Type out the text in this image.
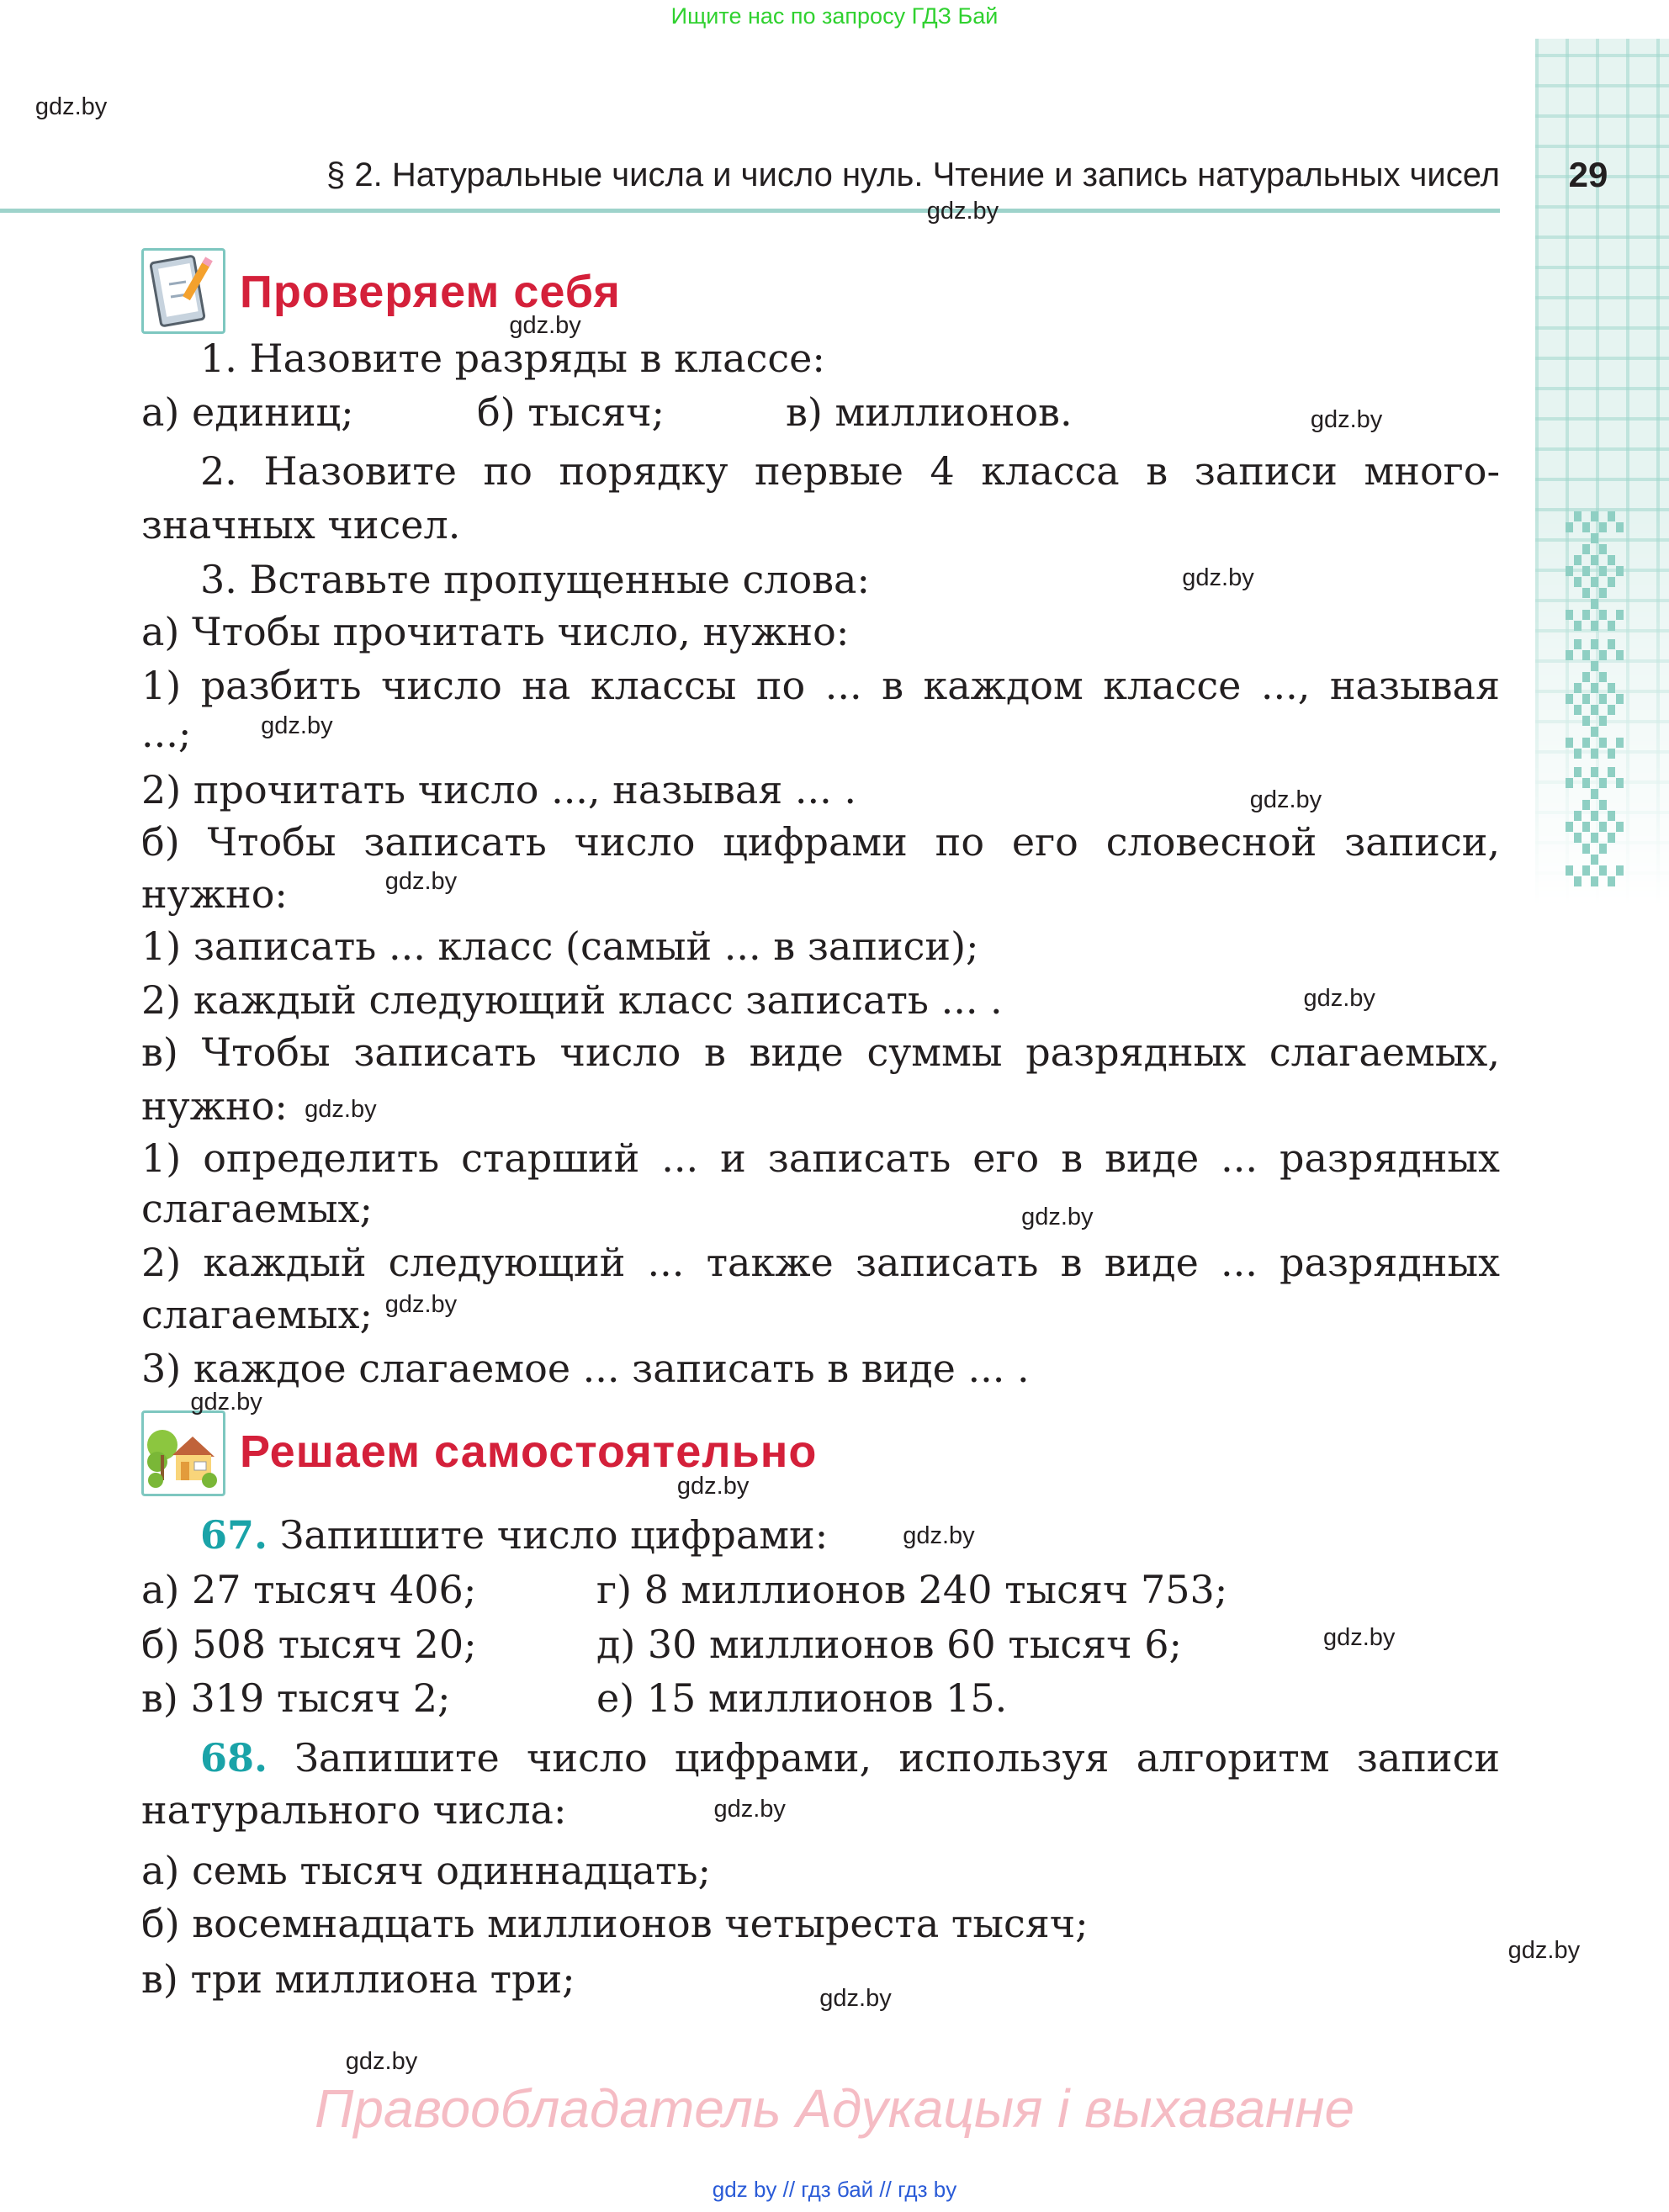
Ищите нас по запросу ГДЗ Бай
§ 2. Натуральные числа и число нуль. Чтение и запись натуральных чисел	29
Проверяем себя
1. Назовите разряды в классе:
а) единиц;	б) тысяч;	в) миллионов.
2. Назовите по порядку первые 4 класса в записи много-
значных чисел.
3. Вставьте пропущенные слова:
а) Чтобы прочитать число, нужно:
1) разбить число на классы по ... в каждом классе ..., называя
...;
2) прочитать число ..., называя ... .
б) Чтобы записать число цифрами по его словесной записи,
нужно:
1) записать ... класс (самый ... в записи);
2) каждый следующий класс записать ... .
в) Чтобы записать число в виде суммы разрядных слагаемых,
нужно:
1) определить старший ... и записать его в виде ... разрядных
слагаемых;
2) каждый следующий ... также записать в виде ... разрядных
слагаемых;
3) каждое слагаемое ... записать в виде ... .
Решаем самостоятельно
67. Запишите число цифрами:
а) 27 тысяч 406;	г) 8 миллионов 240 тысяч 753;
б) 508 тысяч 20;	д) 30 миллионов 60 тысяч 6;
в) 319 тысяч 2;	е) 15 миллионов 15.
68. Запишите число цифрами, используя алгоритм записи
натурального числа:
а) семь тысяч одиннадцать;
б) восемнадцать миллионов четыреста тысяч;
в) три миллиона три;
gdz.by
gdz.by
gdz.by
gdz.by
gdz.by
gdz.by
gdz.by
gdz.by
gdz.by
gdz.by
gdz.by
gdz.by
gdz.by
gdz.by
gdz.by
gdz.by
gdz.by
gdz.by
gdz.by
gdz.by
Правообладатель Адукацыя і выхаванне
gdz by // гдз бай // гдз by
